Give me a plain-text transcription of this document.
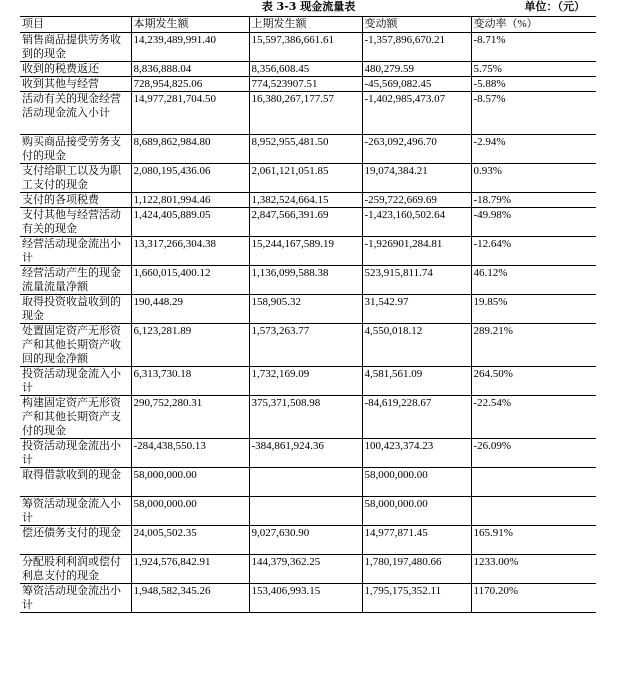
表 3-3 现金流量表	单位：（元）
项目	本期发生额	上期发生额	变动额	变动率（%）
销售商品提供劳务收到的现金	14,239,489,991.40	15,597,386,661.61	-1,357,896,670.21	-8.71%
收到的税费返还	8,836,888.04	8,356,608.45	480,279.59	5.75%
收到其他与经营	728,954,825.06	774,523907.51	-45,569,082.45	-5.88%
活动有关的现金经营活动现金流入小计	14,977,281,704.50	16,380,267,177.57	-1,402,985,473.07	-8.57%
购买商品接受劳务支付的现金	8,689,862,984.80	8,952,955,481.50	-263,092,496.70	-2.94%
支付给职工以及为职工支付的现金	2,080,195,436.06	2,061,121,051.85	19,074,384.21	0.93%
支付的各项税费	1,122,801,994.46	1,382,524,664.15	-259,722,669.69	-18.79%
支付其他与经营活动有关的现金	1,424,405,889.05	2,847,566,391.69	-1,423,160,502.64	-49.98%
经营活动现金流出小计	13,317,266,304.38	15,244,167,589.19	-1,926901,284.81	-12.64%
经营活动产生的现金流量流量净额	1,660,015,400.12	1,136,099,588.38	523,915,811.74	46.12%
取得投资收益收到的现金	190,448.29	158,905.32	31,542.97	19.85%
处置固定资产无形资产和其他长期资产收回的现金净额	6,123,281.89	1,573,263.77	4,550,018.12	289.21%
投资活动现金流入小计	6,313,730.18	1,732,169.09	4,581,561.09	264.50%
构建固定资产无形资产和其他长期资产支付的现金	290,752,280.31	375,371,508.98	-84,619,228.67	-22.54%
投资活动现金流出小计	-284,438,550.13	-384,861,924.36	100,423,374.23	-26.09%
取得借款收到的现金	58,000,000.00		58,000,000.00	
筹资活动现金流入小计	58,000,000.00		58,000,000.00	
偿还债务支付的现金	24,005,502.35	9,027,630.90	14,977,871.45	165.91%
分配股利利润或偿付利息支付的现金	1,924,576,842.91	144,379,362.25	1,780,197,480.66	1233.00%
筹资活动现金流出小计	1,948,582,345.26	153,406,993.15	1,795,175,352.11	1170.20%
